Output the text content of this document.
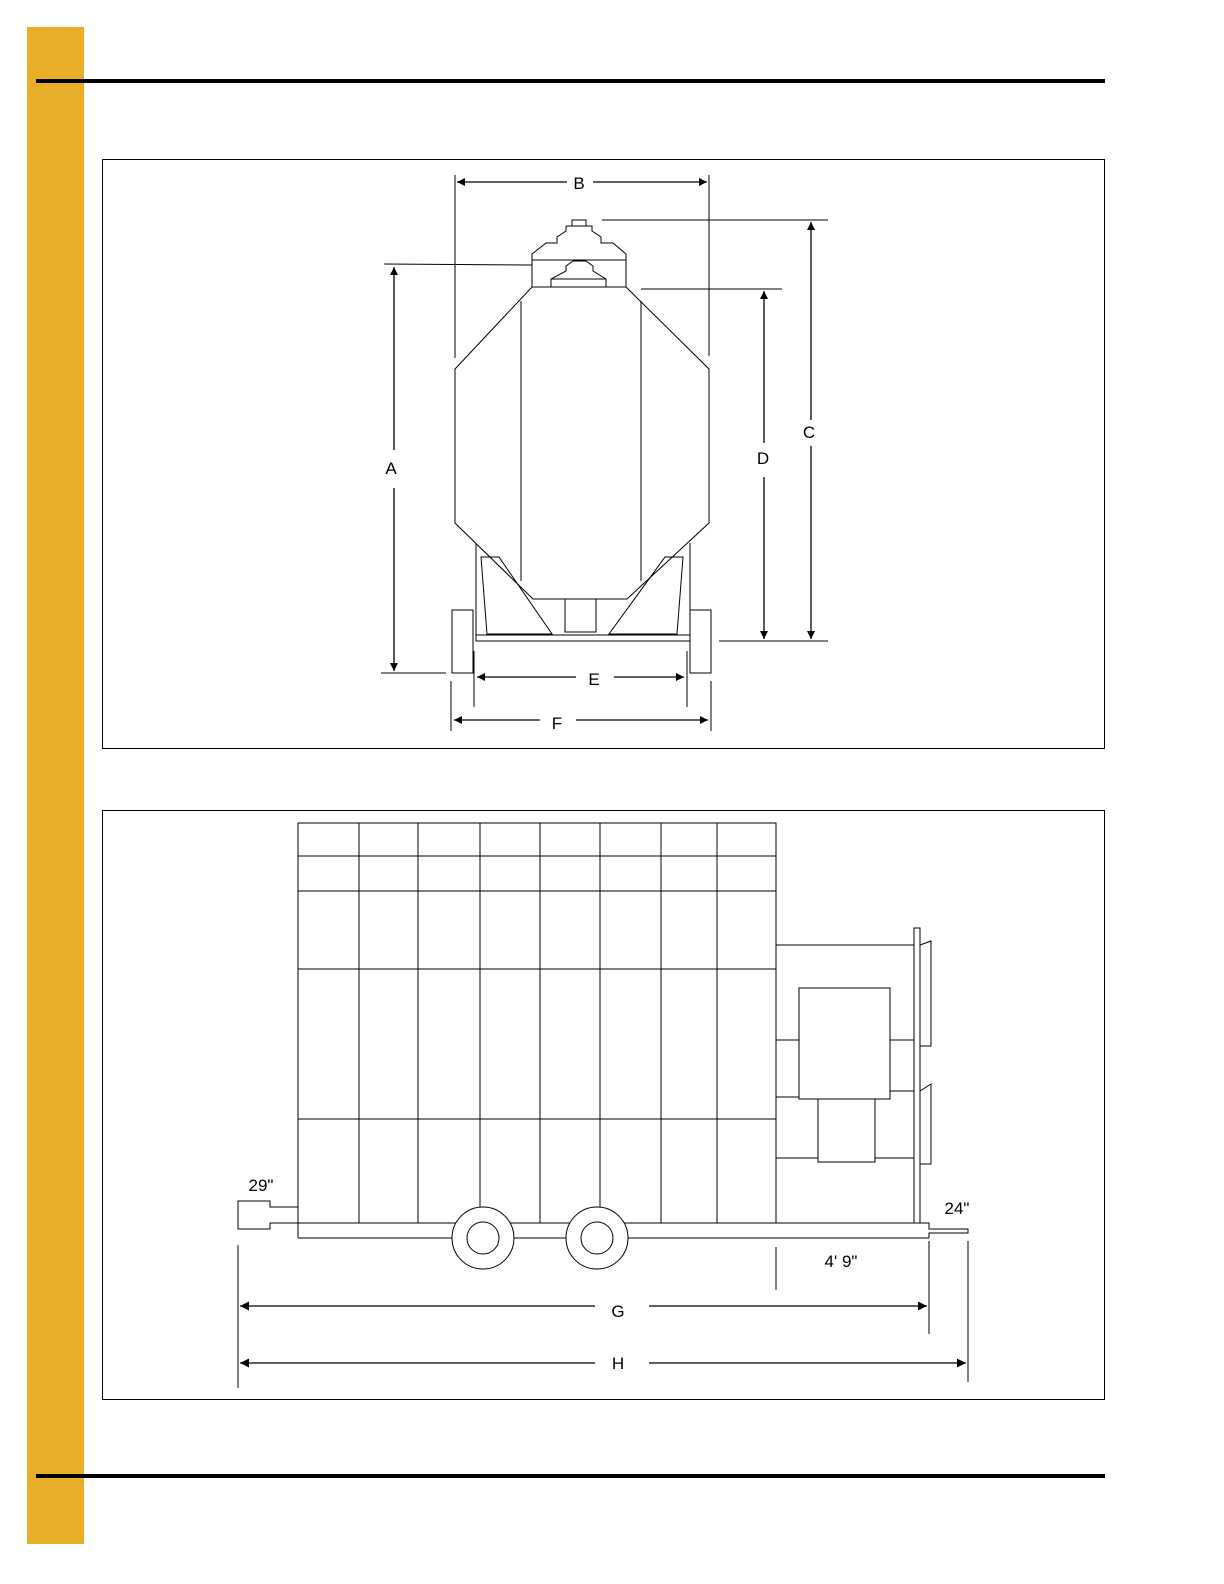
B
A
C
D
E
F
G
H
29"
24"
4' 9"
